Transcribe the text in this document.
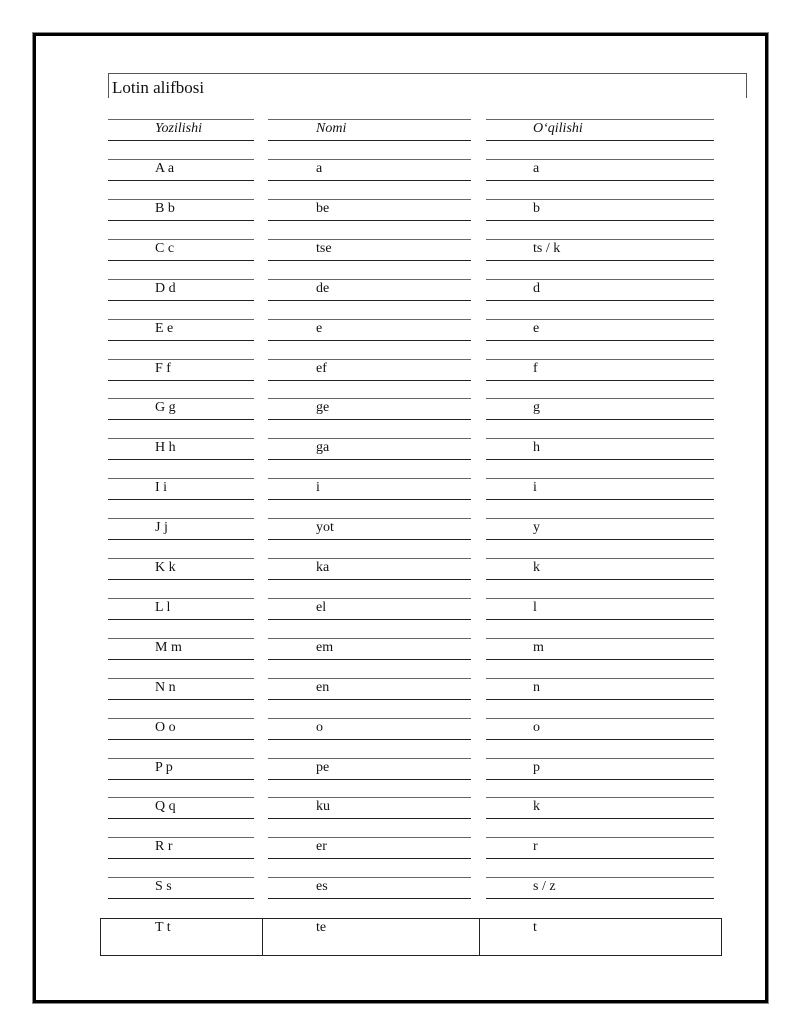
Lotin alifbosi
Yozilishi	Nomi	O‘qilishi
A a	a	a
B b	be	b
C c	tse	ts / k
D d	de	d
E e	e	e
F f	ef	f
G g	ge	g
H h	ga	h
I i	i	i
J j	yot	y
K k	ka	k
L l	el	l
M m	em	m
N n	en	n
O o	o	o
P p	pe	p
Q q	ku	k
R r	er	r
S s	es	s / z
T t	te	t
